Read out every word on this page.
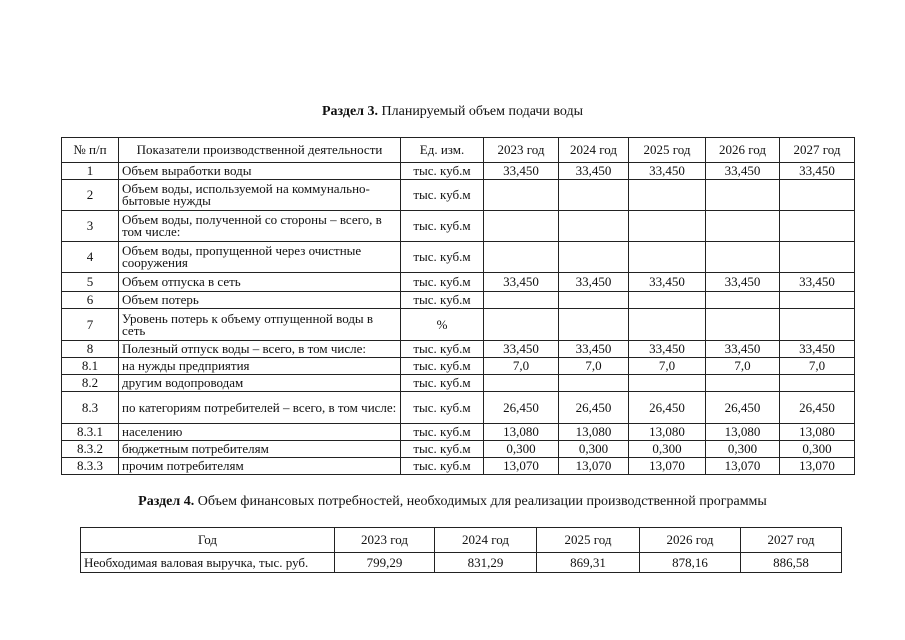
Раздел 3. Планируемый объем подачи воды
№ п/п	Показатели производственной деятельности	Ед. изм.	2023 год	2024 год	2025 год	2026 год	2027 год
1	Объем выработки воды	тыс. куб.м	33,450	33,450	33,450	33,450	33,450
2	Объем воды, используемой на коммунально-бытовые нужды	тыс. куб.м					
3	Объем воды, полученной со стороны – всего, в том числе:	тыс. куб.м					
4	Объем воды, пропущенной через очистные сооружения	тыс. куб.м					
5	Объем отпуска в сеть	тыс. куб.м	33,450	33,450	33,450	33,450	33,450
6	Объем потерь	тыс. куб.м					
7	Уровень потерь к объему отпущенной воды в сеть	%					
8	Полезный отпуск воды – всего, в том числе:	тыс. куб.м	33,450	33,450	33,450	33,450	33,450
8.1	на нужды предприятия	тыс. куб.м	7,0	7,0	7,0	7,0	7,0
8.2	другим водопроводам	тыс. куб.м					
8.3	по категориям потребителей – всего, в том числе:	тыс. куб.м	26,450	26,450	26,450	26,450	26,450
8.3.1	населению	тыс. куб.м	13,080	13,080	13,080	13,080	13,080
8.3.2	бюджетным потребителям	тыс. куб.м	0,300	0,300	0,300	0,300	0,300
8.3.3	прочим потребителям	тыс. куб.м	13,070	13,070	13,070	13,070	13,070
Раздел 4. Объем финансовых потребностей, необходимых для реализации производственной программы
Год	2023 год	2024 год	2025 год	2026 год	2027 год
Необходимая валовая выручка, тыс. руб.	799,29	831,29	869,31	878,16	886,58
